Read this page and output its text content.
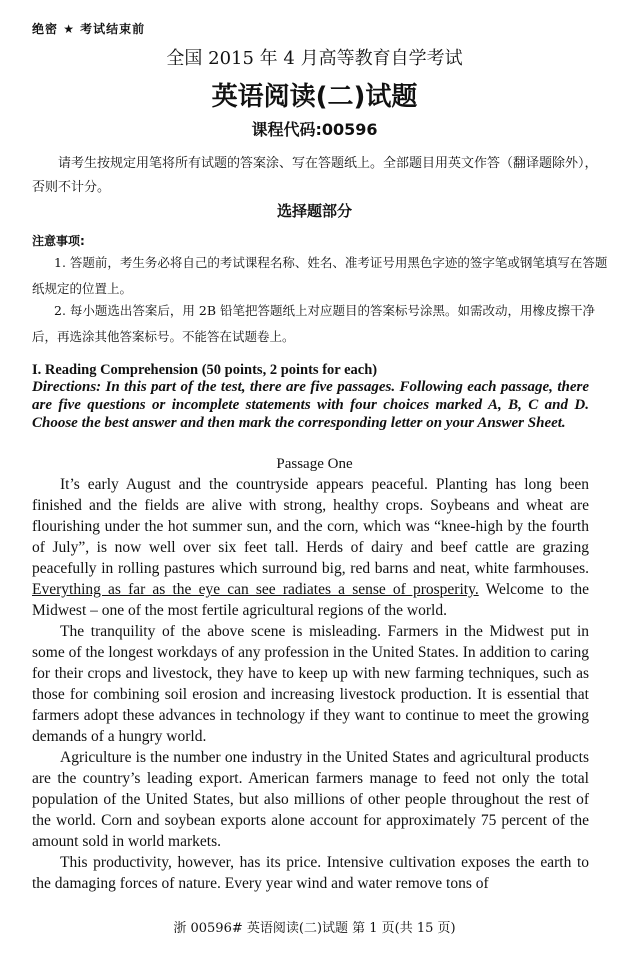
绝密 ★ 考试结束前
全国 2015 年 4 月高等教育自学考试
英语阅读(二)试题
课程代码:00596
请考生按规定用笔将所有试题的答案涂、写在答题纸上。全部题目用英文作答（翻译题除外），否则不计分。
选择题部分
注意事项:
1. 答题前，考生务必将自己的考试课程名称、姓名、准考证号用黑色字迹的签字笔或钢笔填写在答题纸规定的位置上。
2. 每小题选出答案后，用 2B 铅笔把答题纸上对应题目的答案标号涂黑。如需改动，用橡皮擦干净后，再选涂其他答案标号。不能答在试题卷上。
I. Reading Comprehension (50 points, 2 points for each)
Directions: In this part of the test, there are five passages. Following each passage, there are five questions or incomplete statements with four choices marked A, B, C and D. Choose the best answer and then mark the corresponding letter on your Answer Sheet.
Passage One

It’s early August and the countryside appears peaceful. Planting has long been finished and the fields are alive with strong, healthy crops. Soybeans and wheat are flourishing under the hot summer sun, and the corn, which was “knee-high by the fourth of July”, is now well over six feet tall. Herds of dairy and beef cattle are grazing peacefully in rolling pastures which surround big, red barns and neat, white farmhouses. Everything as far as the eye can see radiates a sense of prosperity. Welcome to the Midwest – one of the most fertile agricultural regions of the world.

The tranquility of the above scene is misleading. Farmers in the Midwest put in some of the longest workdays of any profession in the United States. In addition to caring for their crops and livestock, they have to keep up with new farming techniques, such as those for combining soil erosion and increasing livestock production. It is essential that farmers adopt these advances in technology if they want to continue to meet the growing demands of a hungry world.

Agriculture is the number one industry in the United States and agricultural products are the country’s leading export. American farmers manage to feed not only the total population of the United States, but also millions of other people throughout the rest of the world. Corn and soybean exports alone account for approximately 75 percent of the amount sold in world markets.

This productivity, however, has its price. Intensive cultivation exposes the earth to the damaging forces of nature. Every year wind and water remove tons of

浙 00596# 英语阅读(二)试题 第 1 页(共 15 页)
